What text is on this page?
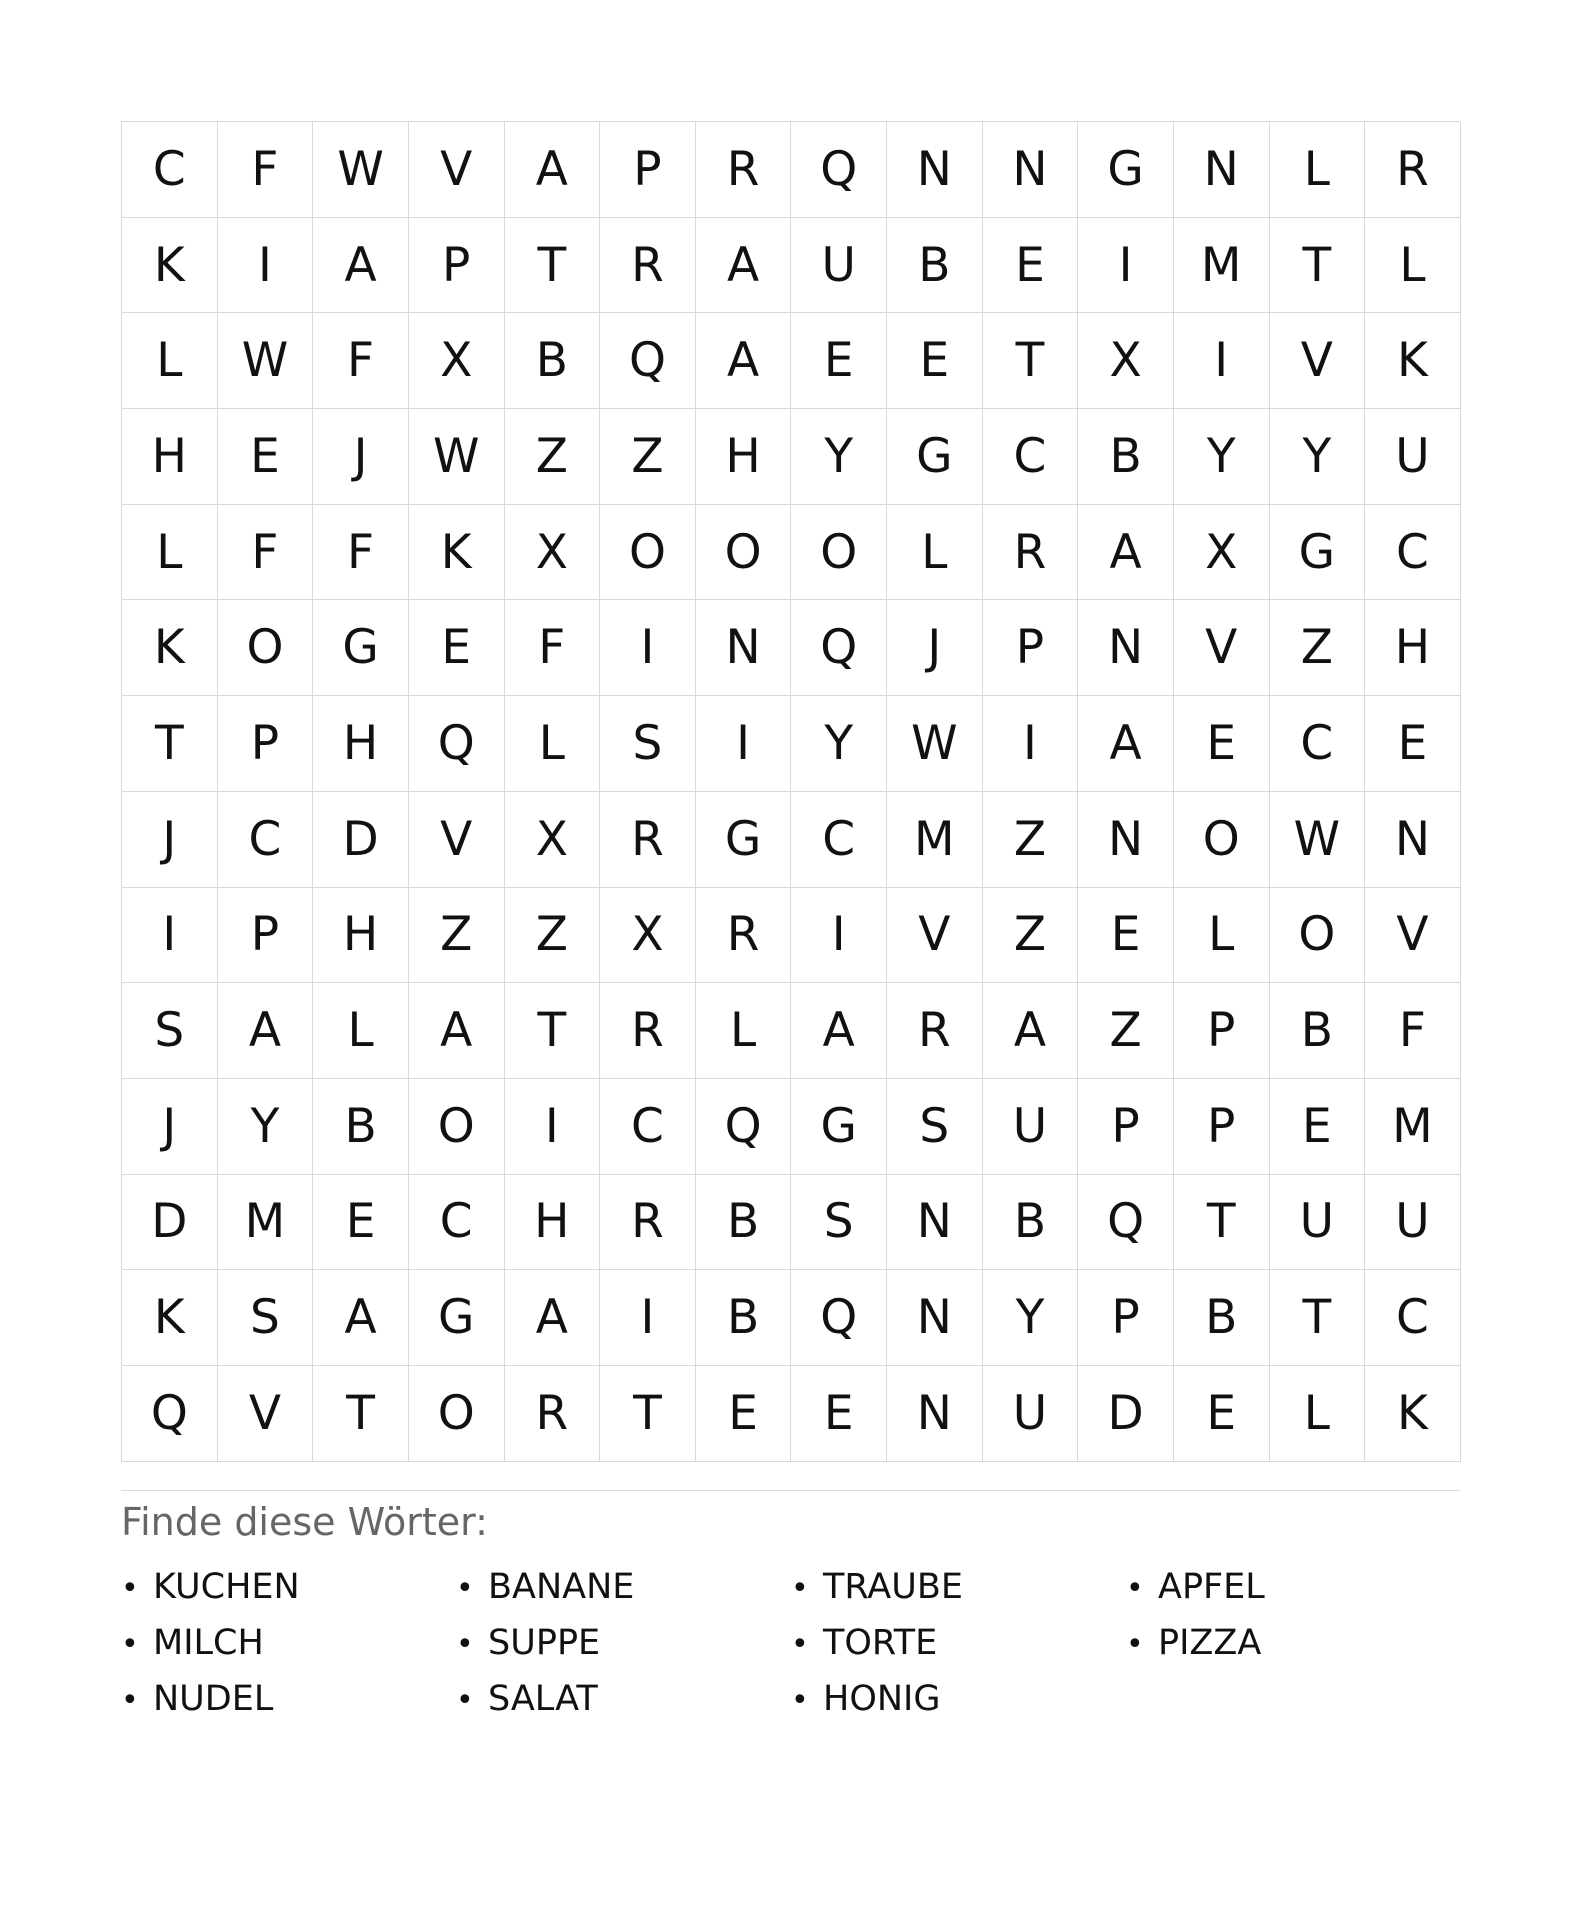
C	F	W	V	A	P	R	Q	N	N	G	N	L	R
K	I	A	P	T	R	A	U	B	E	I	M	T	L
L	W	F	X	B	Q	A	E	E	T	X	I	V	K
H	E	J	W	Z	Z	H	Y	G	C	B	Y	Y	U
L	F	F	K	X	O	O	O	L	R	A	X	G	C
K	O	G	E	F	I	N	Q	J	P	N	V	Z	H
T	P	H	Q	L	S	I	Y	W	I	A	E	C	E
J	C	D	V	X	R	G	C	M	Z	N	O	W	N
I	P	H	Z	Z	X	R	I	V	Z	E	L	O	V
S	A	L	A	T	R	L	A	R	A	Z	P	B	F
J	Y	B	O	I	C	Q	G	S	U	P	P	E	M
D	M	E	C	H	R	B	S	N	B	Q	T	U	U
K	S	A	G	A	I	B	Q	N	Y	P	B	T	C
Q	V	T	O	R	T	E	E	N	U	D	E	L	K
Finde diese Wörter:
• KUCHEN	• BANANE	• TRAUBE	• APFEL
• MILCH	• SUPPE	• TORTE	• PIZZA
• NUDEL	• SALAT	• HONIG
